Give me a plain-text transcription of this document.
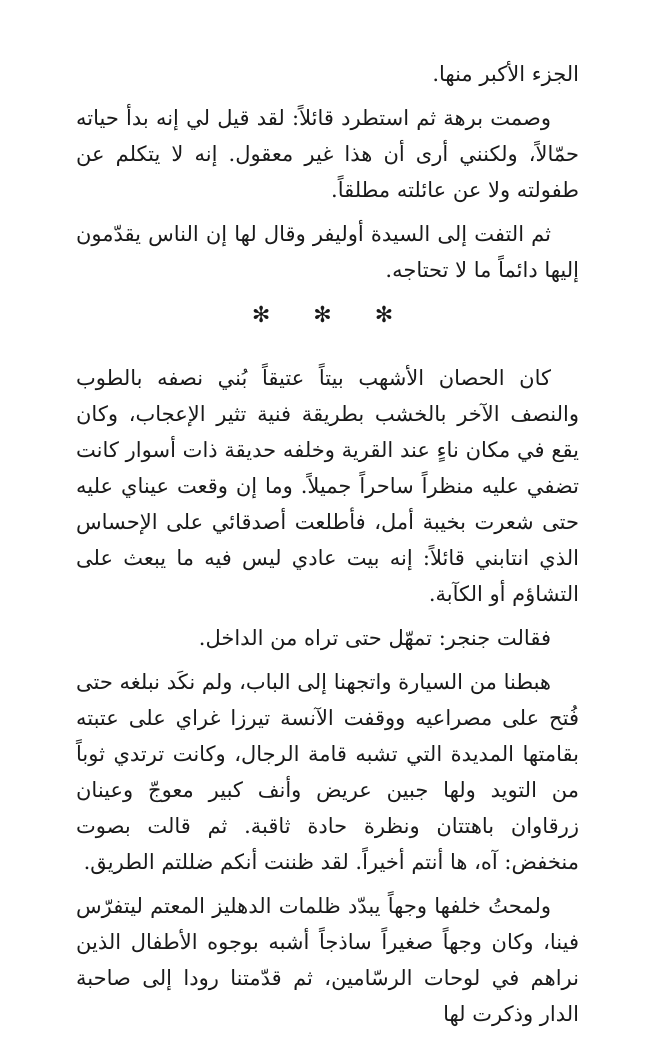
الجزء الأكبر منها.

وصمت برهة ثم استطرد قائلاً: لقد قيل لي إنه بدأ حياته حمّالاً، ولكنني أرى أن هذا غير معقول. إنه لا يتكلم عن طفولته ولا عن عائلته مطلقاً.

ثم التفت إلى السيدة أوليفر وقال لها إن الناس يقدّمون إليها دائماً ما لا تحتاجه.

✻ ✻ ✻

كان الحصان الأشهب بيتاً عتيقاً بُني نصفه بالطوب والنصف الآخر بالخشب بطريقة فنية تثير الإعجاب، وكان يقع في مكان ناءٍ عند القرية وخلفه حديقة ذات أسوار كانت تضفي عليه منظراً ساحراً جميلاً. وما إن وقعت عيناي عليه حتى شعرت بخيبة أمل، فأطلعت أصدقائي على الإحساس الذي انتابني قائلاً: إنه بيت عادي ليس فيه ما يبعث على التشاؤم أو الكآبة.

فقالت جنجر: تمهّل حتى تراه من الداخل.

هبطنا من السيارة واتجهنا إلى الباب، ولم نكَد نبلغه حتى فُتح على مصراعيه ووقفت الآنسة تيرزا غراي على عتبته بقامتها المديدة التي تشبه قامة الرجال، وكانت ترتدي ثوباً من التويد ولها جبين عريض وأنف كبير معوجّ وعينان زرقاوان باهتتان ونظرة حادة ثاقبة. ثم قالت بصوت منخفض: آه، ها أنتم أخيراً. لقد ظننت أنكم ضللتم الطريق.

ولمحتُ خلفها وجهاً يبدّد ظلمات الدهليز المعتم ليتفرّس فينا، وكان وجهاً صغيراً ساذجاً أشبه بوجوه الأطفال الذين نراهم في لوحات الرسّامين، ثم قدّمتنا رودا إلى صاحبة الدار وذكرت لها
